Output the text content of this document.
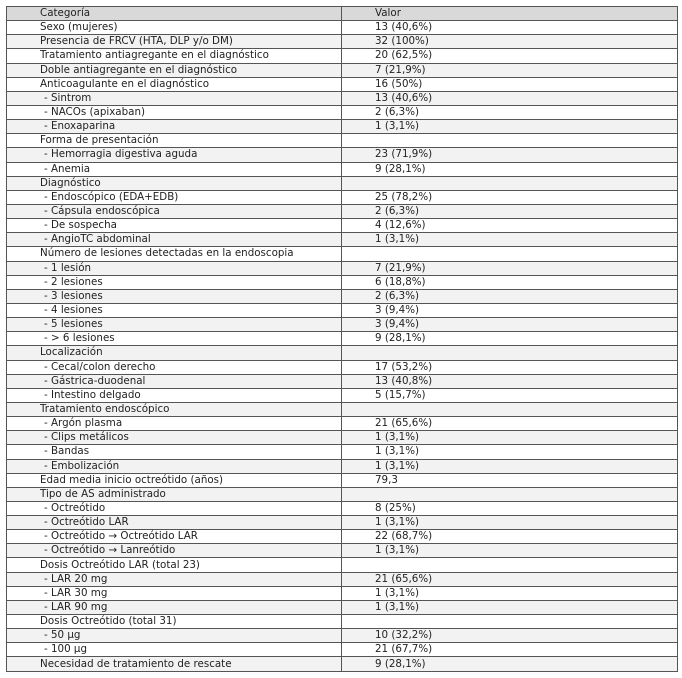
Categoría	Valor
Sexo (mujeres)	13 (40,6%)
Presencia de FRCV (HTA, DLP y/o DM)	32 (100%)
Tratamiento antiagregante en el diagnóstico	20 (62,5%)
Doble antiagregante en el diagnóstico	7 (21,9%)
Anticoagulante en el diagnóstico	16 (50%)
- Sintrom	13 (40,6%)
- NACOs (apixaban)	2 (6,3%)
- Enoxaparina	1 (3,1%)
Forma de presentación	
- Hemorragia digestiva aguda	23 (71,9%)
- Anemia	9 (28,1%)
Diagnóstico	
- Endoscópico (EDA+EDB)	25 (78,2%)
- Cápsula endoscópica	2 (6,3%)
- De sospecha	4 (12,6%)
- AngioTC abdominal	1 (3,1%)
Número de lesiones detectadas en la endoscopia	
- 1 lesión	7 (21,9%)
- 2 lesiones	6 (18,8%)
- 3 lesiones	2 (6,3%)
- 4 lesiones	3 (9,4%)
- 5 lesiones	3 (9,4%)
- > 6 lesiones	9 (28,1%)
Localización	
- Cecal/colon derecho	17 (53,2%)
- Gástrica-duodenal	13 (40,8%)
- Intestino delgado	5 (15,7%)
Tratamiento endoscópico	
- Argón plasma	21 (65,6%)
- Clips metálicos	1 (3,1%)
- Bandas	1 (3,1%)
- Embolización	1 (3,1%)
Edad media inicio octreótido (años)	79,3
Tipo de AS administrado	
- Octreótido	8 (25%)
- Octreótido LAR	1 (3,1%)
- Octreótido → Octreótido LAR	22 (68,7%)
- Octreótido → Lanreótido	1 (3,1%)
Dosis Octreótido LAR (total 23)	
- LAR 20 mg	21 (65,6%)
- LAR 30 mg	1 (3,1%)
- LAR 90 mg	1 (3,1%)
Dosis Octreótido (total 31)	
- 50 µg	10 (32,2%)
- 100 µg	21 (67,7%)
Necesidad de tratamiento de rescate	9 (28,1%)
